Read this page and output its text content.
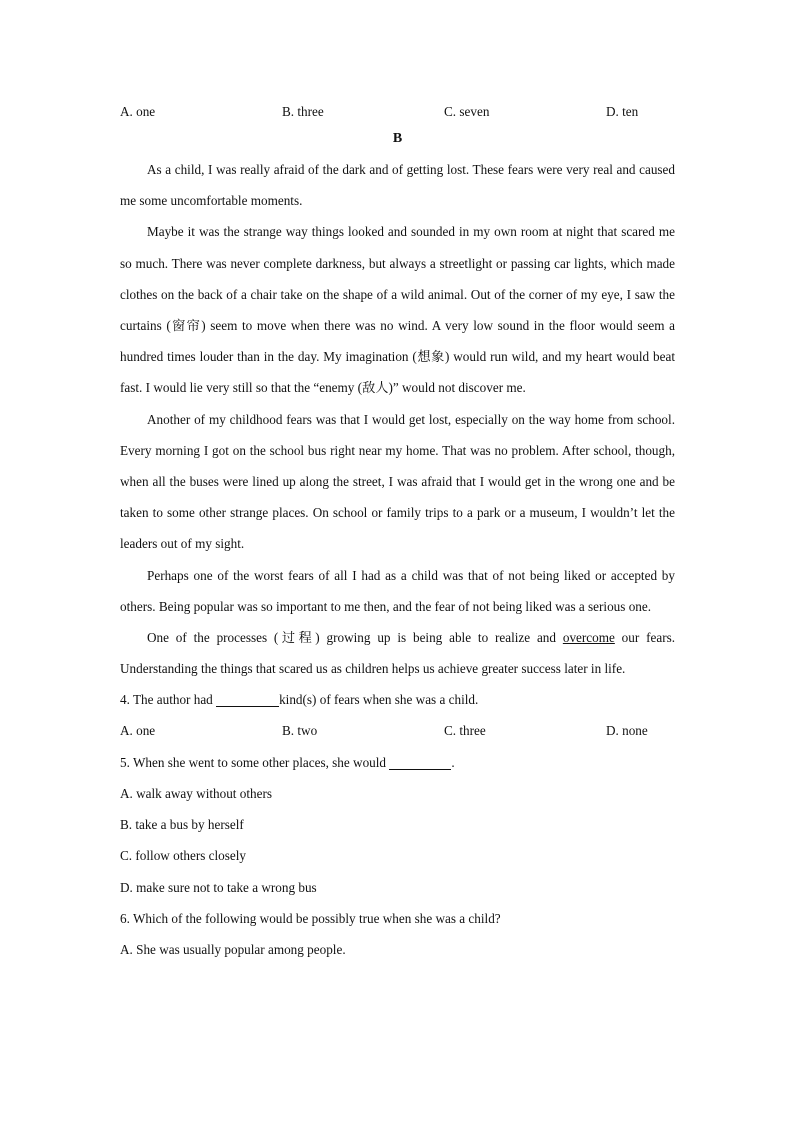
A. one	B. three	C. seven	D. ten
B

As a child, I was really afraid of the dark and of getting lost. These fears were very real and caused me some uncomfortable moments.

Maybe it was the strange way things looked and sounded in my own room at night that scared me so much. There was never complete darkness, but always a streetlight or passing car lights, which made clothes on the back of a chair take on the shape of a wild animal. Out of the corner of my eye, I saw the curtains (窗帘) seem to move when there was no wind. A very low sound in the floor would seem a hundred times louder than in the day. My imagination (想象) would run wild, and my heart would beat fast. I would lie very still so that the “enemy (敌人)” would not discover me.

Another of my childhood fears was that I would get lost, especially on the way home from school. Every morning I got on the school bus right near my home. That was no problem. After school, though, when all the buses were lined up along the street, I was afraid that I would get in the wrong one and be taken to some other strange places. On school or family trips to a park or a museum, I wouldn’t let the leaders out of my sight.

Perhaps one of the worst fears of all I had as a child was that of not being liked or accepted by others. Being popular was so important to me then, and the fear of not being liked was a serious one.

One of the processes (过程) growing up is being able to realize and overcome our fears. Understanding the things that scared us as children helps us achieve greater success later in life.

4. The author had	kind(s) of fears when she was a child.

A. one	B. two	C. three	D. none

5. When she went to some other places, she would	.

A. walk away without others

B. take a bus by herself

C. follow others closely

D. make sure not to take a wrong bus

6. Which of the following would be possibly true when she was a child?

A. She was usually popular among people.
